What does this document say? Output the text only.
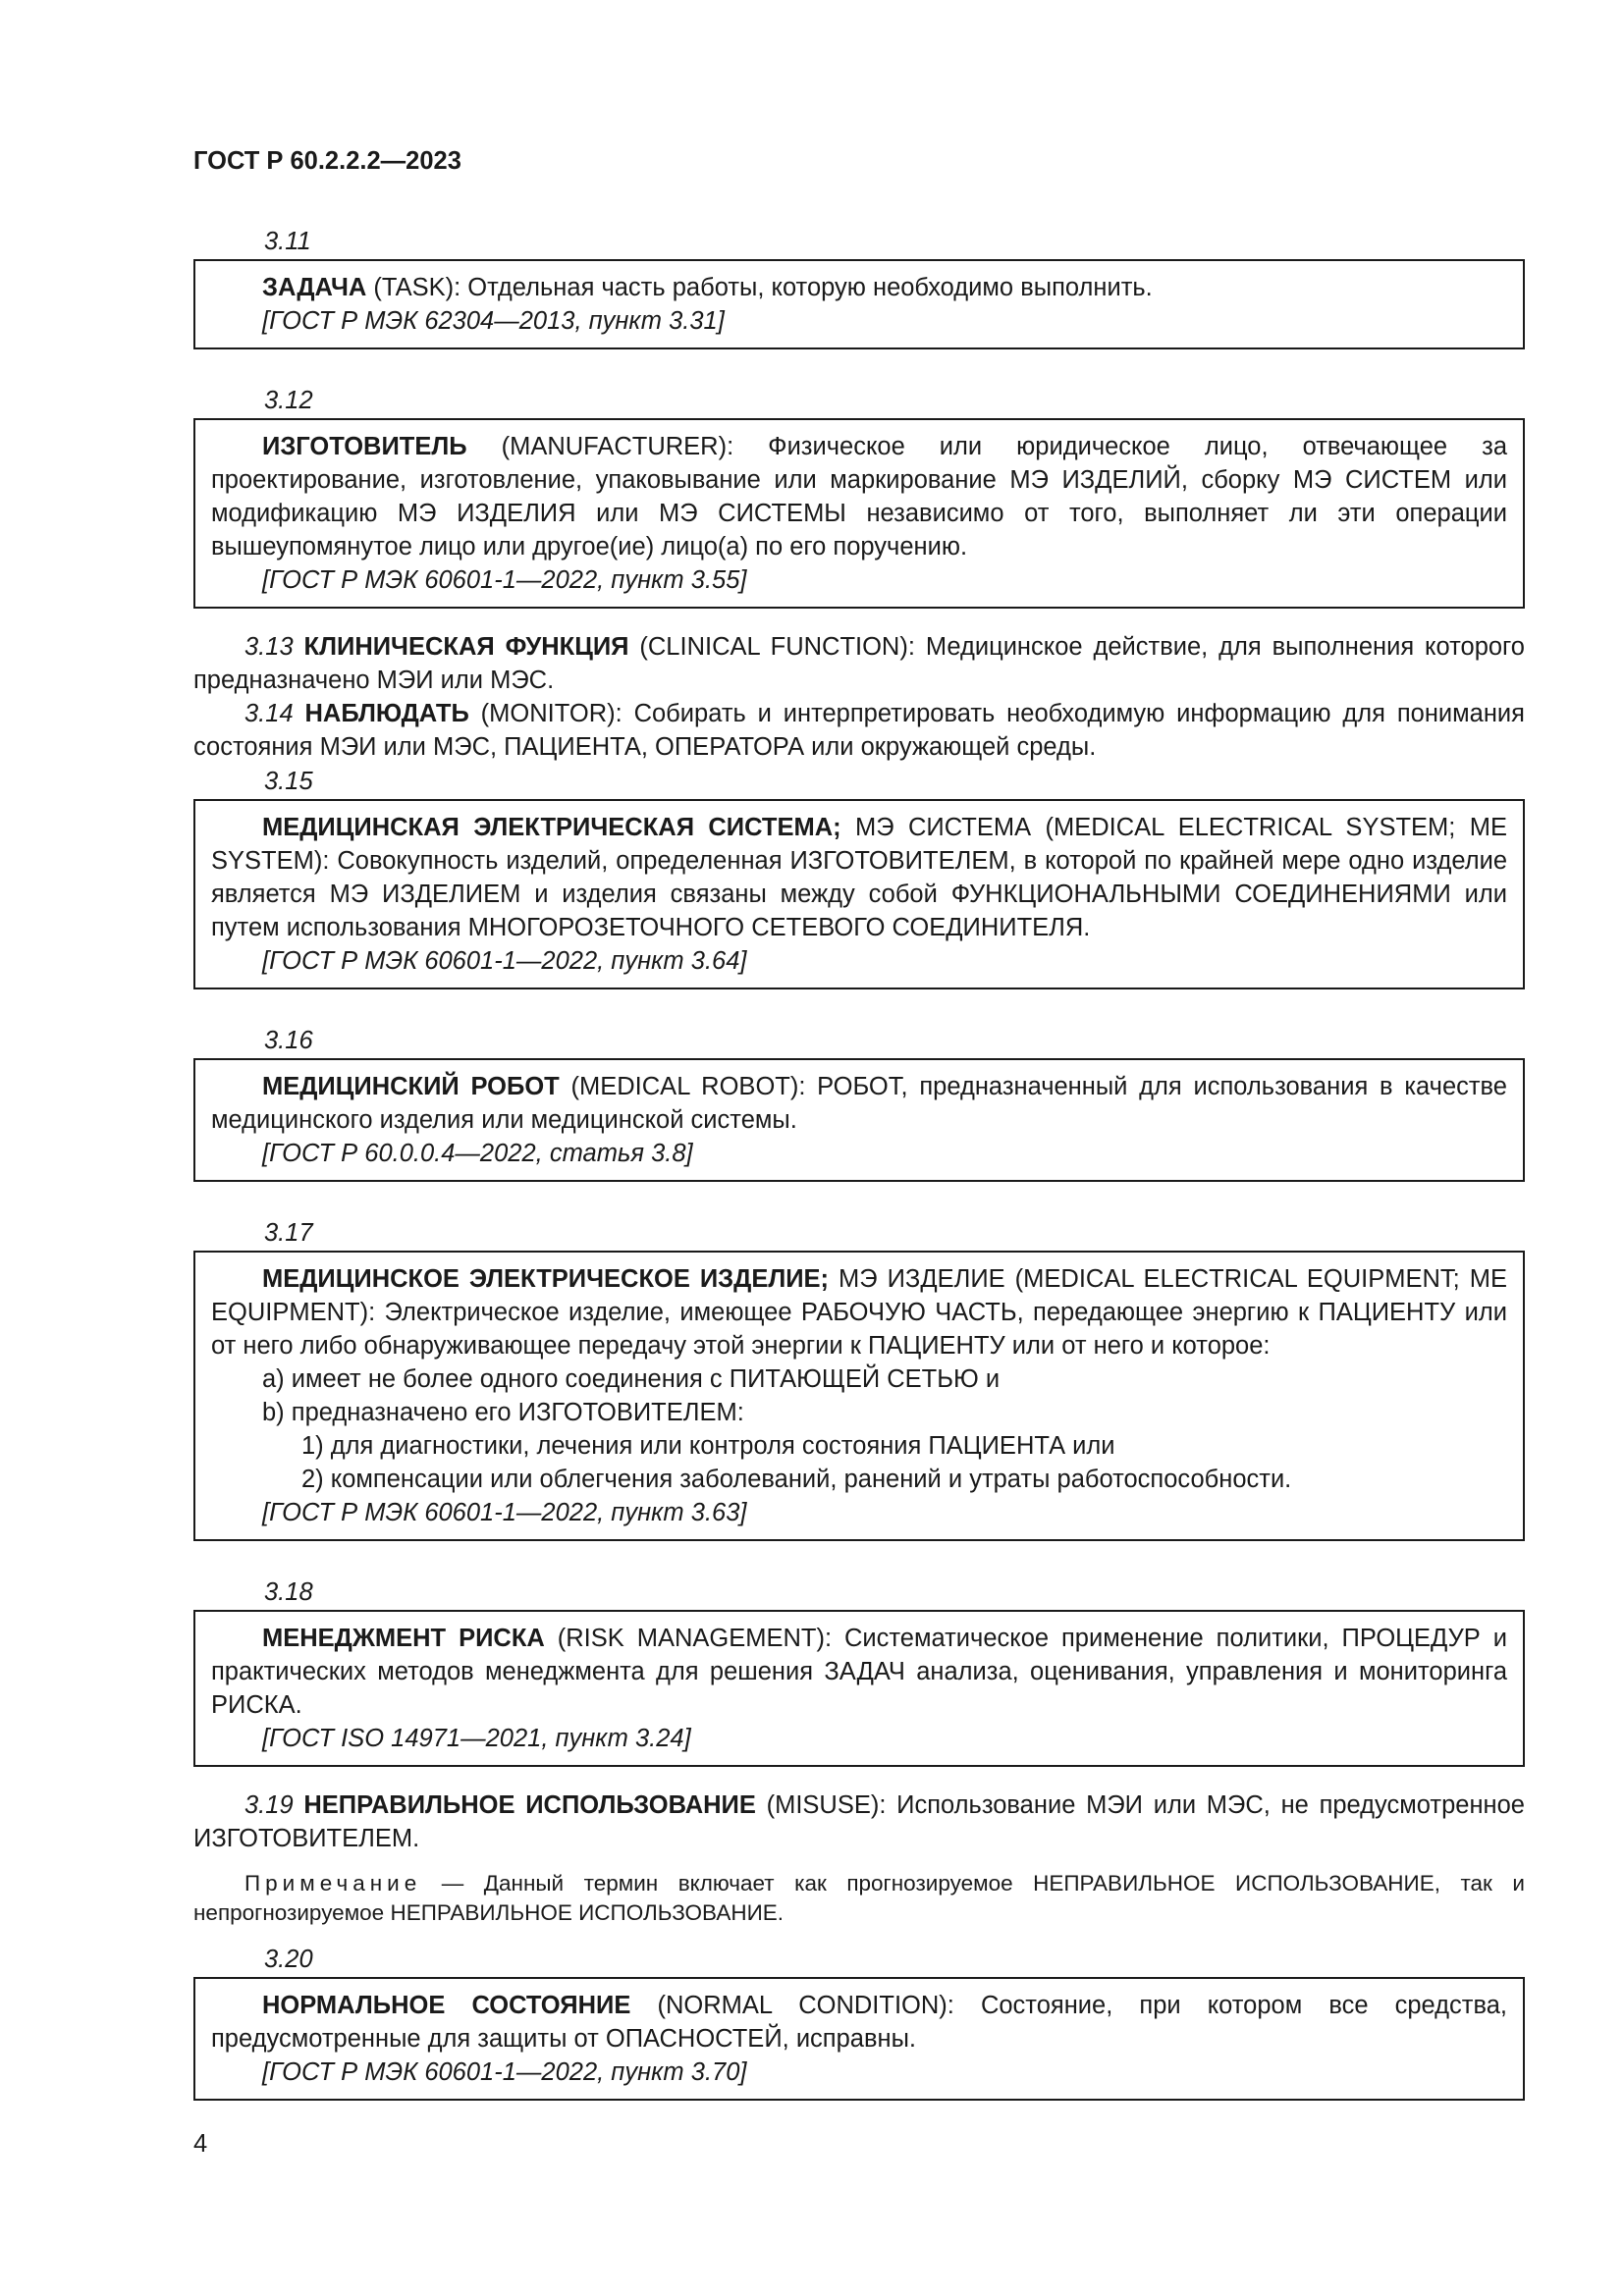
ГОСТ Р 60.2.2.2—2023
3.11

ЗАДАЧА (TASK): Отдельная часть работы, которую необходимо выполнить.

[ГОСТ Р МЭК 62304—2013, пункт 3.31]
3.12

ИЗГОТОВИТЕЛЬ (MANUFACTURER): Физическое или юридическое лицо, отвечающее за проектирование, изготовление, упаковывание или маркирование МЭ ИЗДЕЛИЙ, сборку МЭ СИСТЕМ или модификацию МЭ ИЗДЕЛИЯ или МЭ СИСТЕМЫ независимо от того, выполняет ли эти операции вышеупомянутое лицо или другое(ие) лицо(а) по его поручению.

[ГОСТ Р МЭК 60601-1—2022, пункт 3.55]

3.13 КЛИНИЧЕСКАЯ ФУНКЦИЯ (CLINICAL FUNCTION): Медицинское действие, для выполнения которого предназначено МЭИ или МЭС.

3.14 НАБЛЮДАТЬ (MONITOR): Собирать и интерпретировать необходимую информацию для понимания состояния МЭИ или МЭС, ПАЦИЕНТА, ОПЕРАТОРА или окружающей среды.

3.15

МЕДИЦИНСКАЯ ЭЛЕКТРИЧЕСКАЯ СИСТЕМА; МЭ СИСТЕМА (MEDICAL ELECTRICAL SYSTEM; ME SYSTEM): Совокупность изделий, определенная ИЗГОТОВИТЕЛЕМ, в которой по крайней мере одно изделие является МЭ ИЗДЕЛИЕМ и изделия связаны между собой ФУНКЦИОНАЛЬНЫМИ СОЕДИНЕНИЯМИ или путем использования МНОГОРОЗЕТОЧНОГО СЕТЕВОГО СОЕДИНИТЕЛЯ.

[ГОСТ Р МЭК 60601-1—2022, пункт 3.64]
3.16

МЕДИЦИНСКИЙ РОБОТ (MEDICAL ROBOT): РОБОТ, предназначенный для использования в качестве медицинского изделия или медицинской системы.

[ГОСТ Р 60.0.0.4—2022, статья 3.8]
3.17

МЕДИЦИНСКОЕ ЭЛЕКТРИЧЕСКОЕ ИЗДЕЛИЕ; МЭ ИЗДЕЛИЕ (MEDICAL ELECTRICAL EQUIPMENT; ME EQUIPMENT): Электрическое изделие, имеющее РАБОЧУЮ ЧАСТЬ, передающее энергию к ПАЦИЕНТУ или от него либо обнаруживающее передачу этой энергии к ПАЦИЕНТУ или от него и которое:

a) имеет не более одного соединения с ПИТАЮЩЕЙ СЕТЬЮ и
b) предназначено его ИЗГОТОВИТЕЛЕМ:
1) для диагностики, лечения или контроля состояния ПАЦИЕНТА или
2) компенсации или облегчения заболеваний, ранений и утраты работоспособности.
[ГОСТ Р МЭК 60601-1—2022, пункт 3.63]
3.18

МЕНЕДЖМЕНТ РИСКА (RISK MANAGEMENT): Систематическое применение политики, ПРОЦЕДУР и практических методов менеджмента для решения ЗАДАЧ анализа, оценивания, управления и мониторинга РИСКА.

[ГОСТ ISO 14971—2021, пункт 3.24]

3.19 НЕПРАВИЛЬНОЕ ИСПОЛЬЗОВАНИЕ (MISUSE): Использование МЭИ или МЭС, не предусмотренное ИЗГОТОВИТЕЛЕМ.

Примечание — Данный термин включает как прогнозируемое НЕПРАВИЛЬНОЕ ИСПОЛЬЗОВАНИЕ, так и непрогнозируемое НЕПРАВИЛЬНОЕ ИСПОЛЬЗОВАНИЕ.
3.20

НОРМАЛЬНОЕ СОСТОЯНИЕ (NORMAL CONDITION): Состояние, при котором все средства, предусмотренные для защиты от ОПАСНОСТЕЙ, исправны.

[ГОСТ Р МЭК 60601-1—2022, пункт 3.70]
4
